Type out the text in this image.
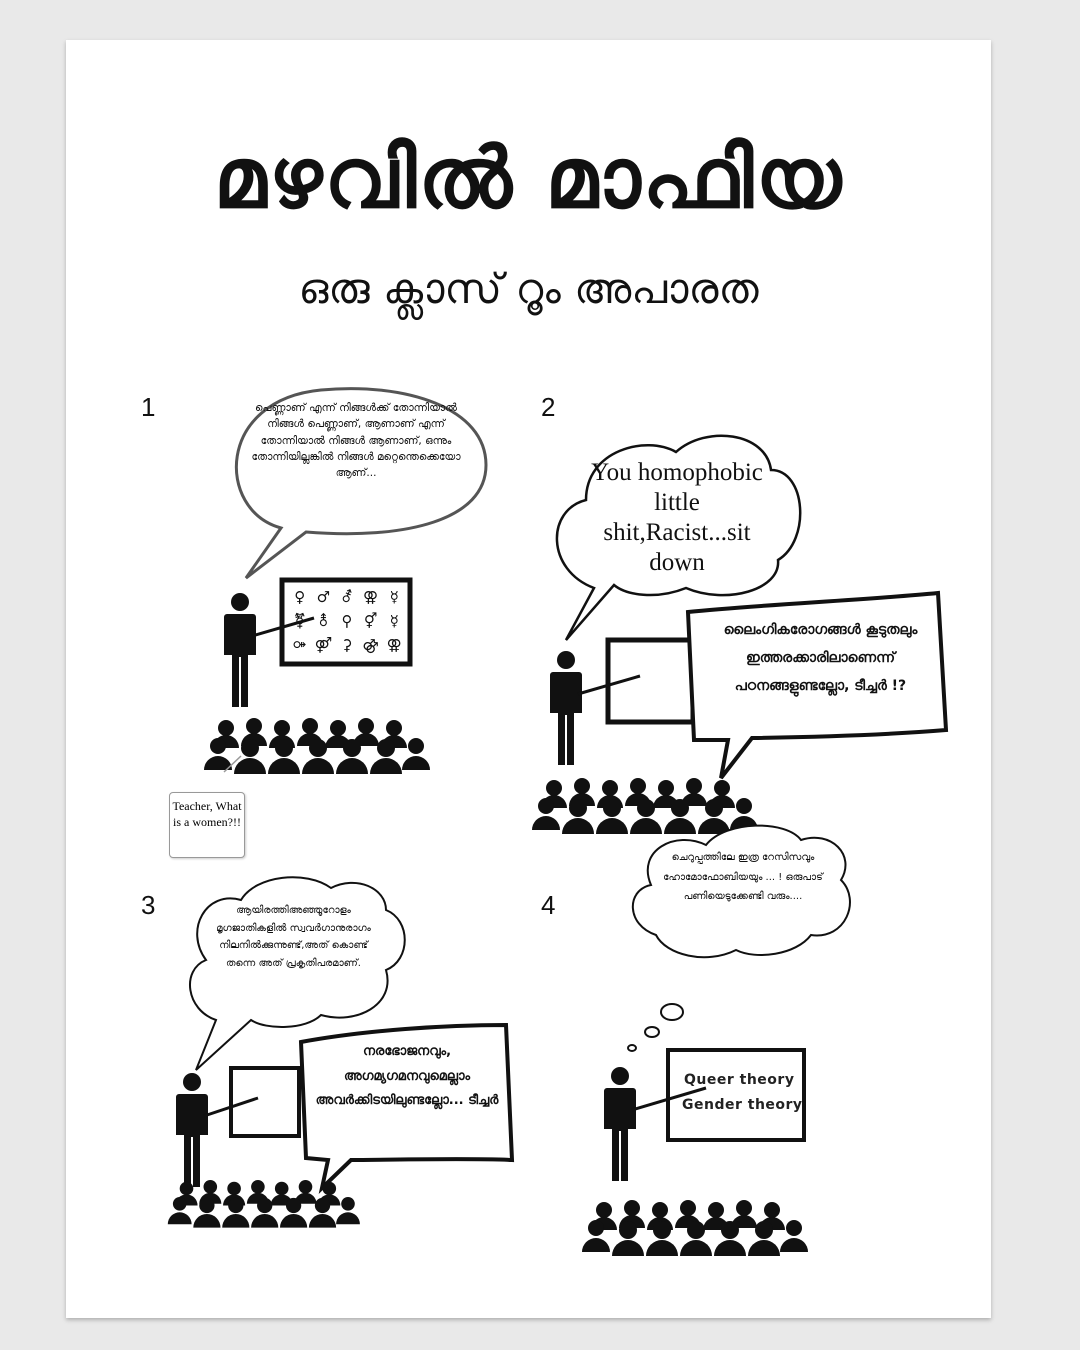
മഴവിൽ മാഫിയ
ഒരു ക്ലാസ് റൂം അപാരത
1	2
3	4
പെണ്ണാണ് എന്ന് നിങ്ങൾക്ക് തോന്നിയാൽ നിങ്ങൾ പെണ്ണാണ്, ആണാണ് എന്ന് തോന്നിയാൽ നിങ്ങൾ ആണാണ്, ഒന്നും തോന്നിയില്ലങ്കിൽ നിങ്ങൾ മറ്റെന്തെക്കെയോ ആണ്...
♀ ♂ ⚦ ⚢ ☿
⚧ ⚨ ⚲ ⚥ ☿
⚩ ⚤ ⚳ ⚣ ⚢
Teacher, What is a women?!!
You homophobic little shit,Racist...sit down
ലൈംഗികരോഗങ്ങൾ കൂടുതലും ഇത്തരക്കാരിലാണെന്ന് പഠനങ്ങളുണ്ടല്ലോ, ടീച്ചർ !?
ആയിരത്തിഅഞ്ഞൂറോളം മൃഗജാതികളിൽ സ്വവർഗാനുരാഗം നിലനിൽക്കുന്നുണ്ട്,അത് കൊണ്ട് തന്നെ അത് പ്രകൃതിപരമാണ്.
നരഭോജനവും, അഗമ്യഗമനവുമെല്ലാം അവർക്കിടയിലുണ്ടല്ലോ... ടീച്ചർ
ചെറുപ്പത്തിലേ ഇത്ര റേസിസവും ഹോമോഫോബിയയും ... ! ഒരുപാട് പണിയെടുക്കേണ്ടി വരും....
Queer theory
Gender theory
